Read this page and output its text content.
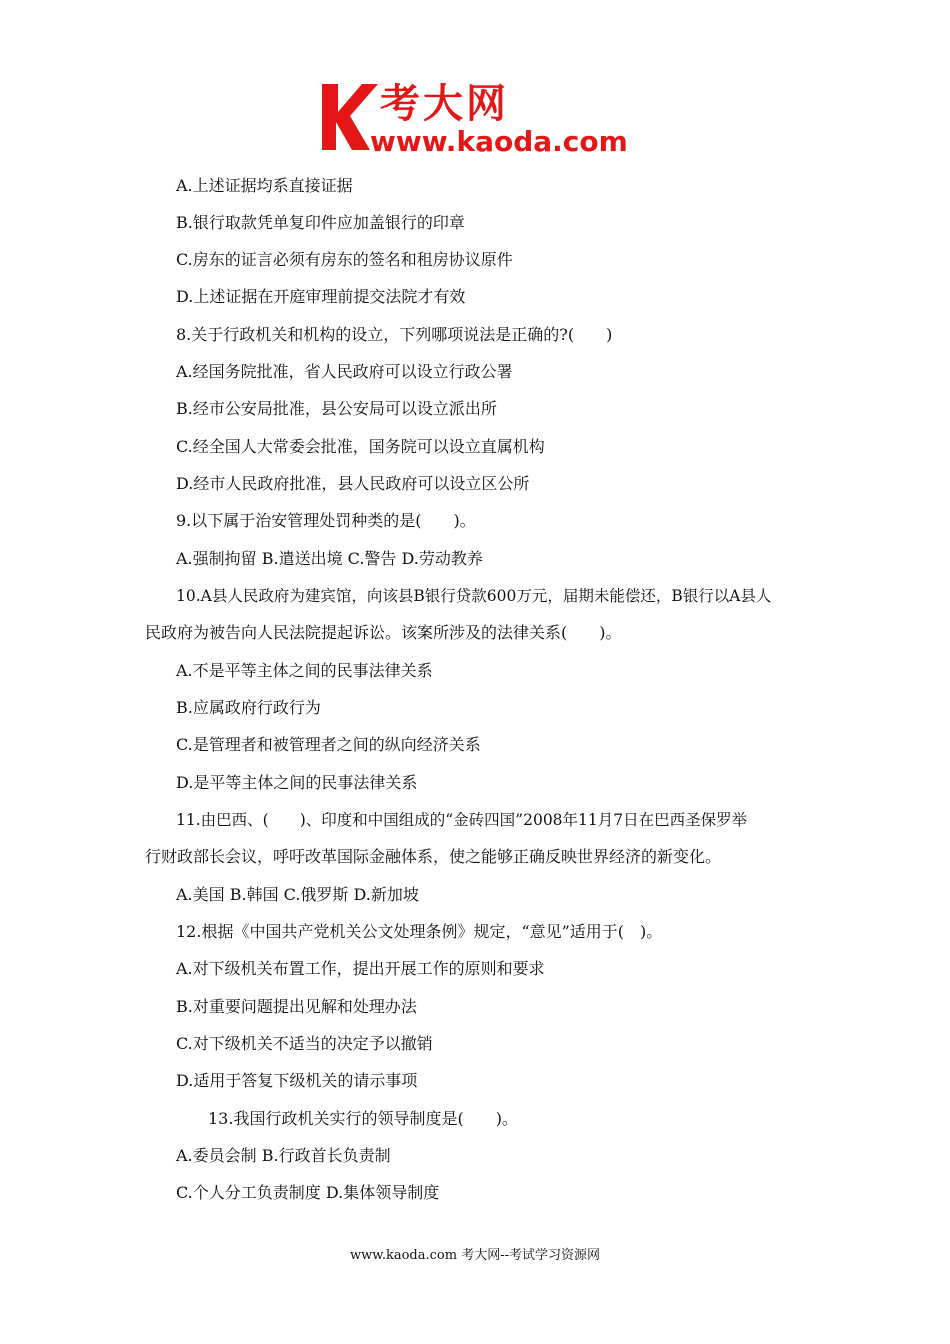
考大网
www.kaoda.com
A.上述证据均系直接证据
B.银行取款凭单复印件应加盖银行的印章
C.房东的证言必须有房东的签名和租房协议原件
D.上述证据在开庭审理前提交法院才有效
8.关于行政机关和机构的设立，下列哪项说法是正确的?(　　)
A.经国务院批准，省人民政府可以设立行政公署
B.经市公安局批准，县公安局可以设立派出所
C.经全国人大常委会批准，国务院可以设立直属机构
D.经市人民政府批准，县人民政府可以设立区公所
9.以下属于治安管理处罚种类的是(　　)。
A.强制拘留 B.遣送出境 C.警告 D.劳动教养
10.A县人民政府为建宾馆，向该县B银行贷款600万元，届期未能偿还，B银行以A县人
民政府为被告向人民法院提起诉讼。该案所涉及的法律关系(　　)。
A.不是平等主体之间的民事法律关系
B.应属政府行政行为
C.是管理者和被管理者之间的纵向经济关系
D.是平等主体之间的民事法律关系
11.由巴西、(　　)、印度和中国组成的“金砖四国”2008年11月7日在巴西圣保罗举
行财政部长会议，呼吁改革国际金融体系，使之能够正确反映世界经济的新变化。
A.美国 B.韩国 C.俄罗斯 D.新加坡
12.根据《中国共产党机关公文处理条例》规定，“意见”适用于(　)。
A.对下级机关布置工作，提出开展工作的原则和要求
B.对重要问题提出见解和处理办法
C.对下级机关不适当的决定予以撤销
D.适用于答复下级机关的请示事项
13.我国行政机关实行的领导制度是(　　)。
A.委员会制 B.行政首长负责制
C.个人分工负责制度 D.集体领导制度
www.kaoda.com 考大网--考试学习资源网
